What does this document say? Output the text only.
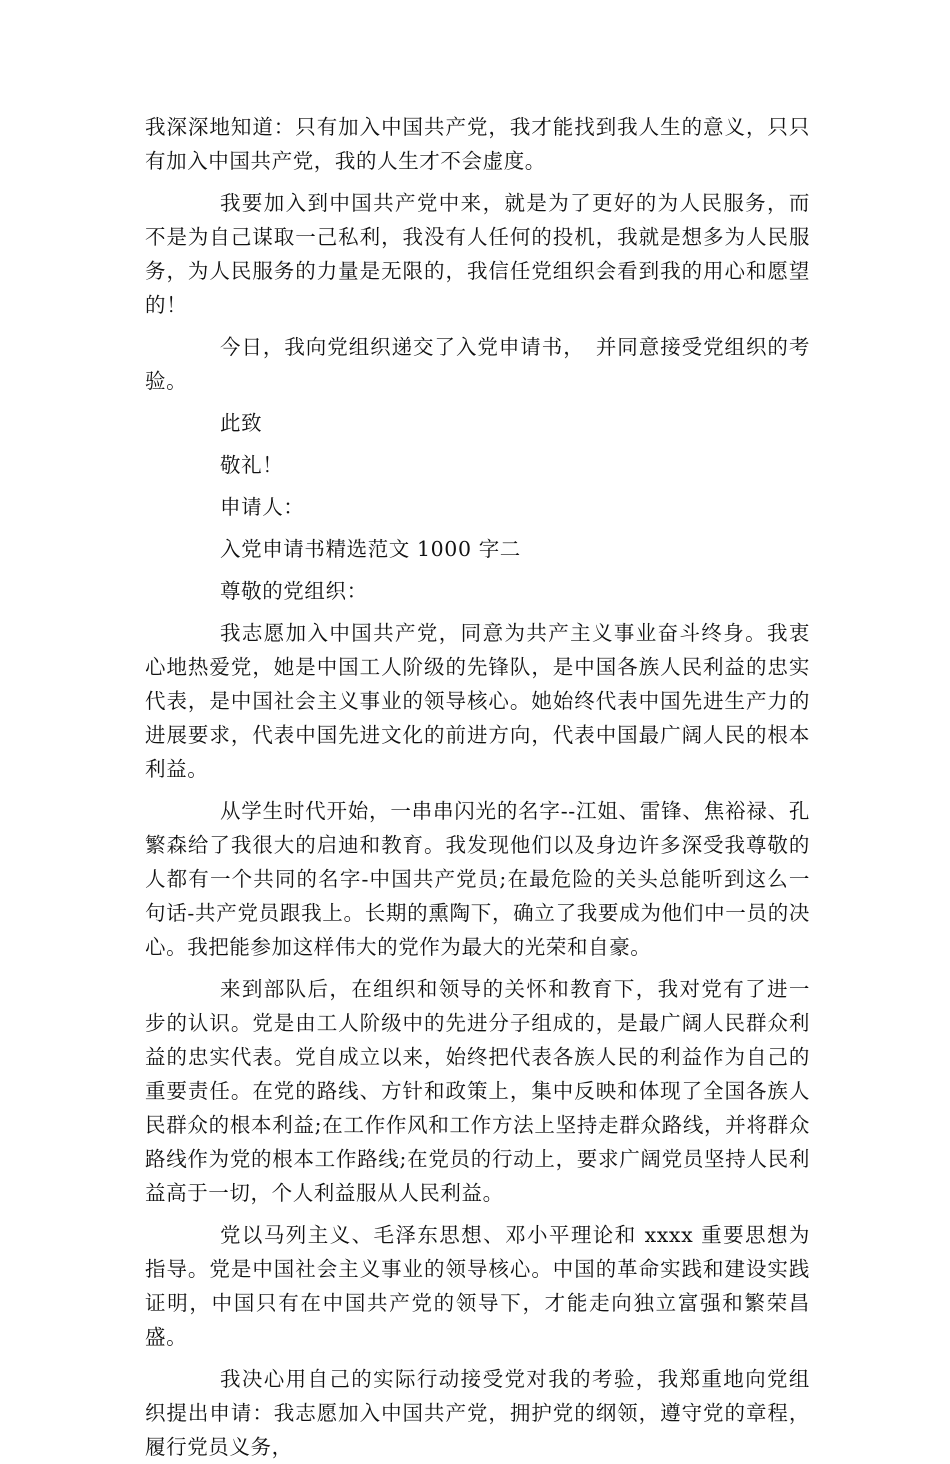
我深深地知道：只有加入中国共产党，我才能找到我人生的意义，只只有加入中国共产党，我的人生才不会虚度。

我要加入到中国共产党中来，就是为了更好的为人民服务，而不是为自己谋取一己私利，我没有人任何的投机，我就是想多为人民服务，为人民服务的力量是无限的，我信任党组织会看到我的用心和愿望的！

今日，我向党组织递交了入党申请书，　并同意接受党组织的考验。

此致

敬礼！

申请人：

入党申请书精选范文 1000 字二

尊敬的党组织：

我志愿加入中国共产党，同意为共产主义事业奋斗终身。我衷心地热爱党，她是中国工人阶级的先锋队，是中国各族人民利益的忠实代表，是中国社会主义事业的领导核心。她始终代表中国先进生产力的进展要求，代表中国先进文化的前进方向，代表中国最广阔人民的根本利益。

从学生时代开始，一串串闪光的名字--江姐、雷锋、焦裕禄、孔繁森给了我很大的启迪和教育。我发现他们以及身边许多深受我尊敬的人都有一个共同的名字-中国共产党员;在最危险的关头总能听到这么一句话-共产党员跟我上。长期的熏陶下，确立了我要成为他们中一员的决心。我把能参加这样伟大的党作为最大的光荣和自豪。

来到部队后，在组织和领导的关怀和教育下，我对党有了进一步的认识。党是由工人阶级中的先进分子组成的，是最广阔人民群众利益的忠实代表。党自成立以来，始终把代表各族人民的利益作为自己的重要责任。在党的路线、方针和政策上，集中反映和体现了全国各族人民群众的根本利益;在工作作风和工作方法上坚持走群众路线，并将群众路线作为党的根本工作路线;在党员的行动上，要求广阔党员坚持人民利益高于一切，个人利益服从人民利益。

党以马列主义、毛泽东思想、邓小平理论和 xxxx 重要思想为指导。党是中国社会主义事业的领导核心。中国的革命实践和建设实践证明，中国只有在中国共产党的领导下，才能走向独立富强和繁荣昌盛。

我决心用自己的实际行动接受党对我的考验，我郑重地向党组织提出申请：我志愿加入中国共产党，拥护党的纲领，遵守党的章程，履行党员义务，
